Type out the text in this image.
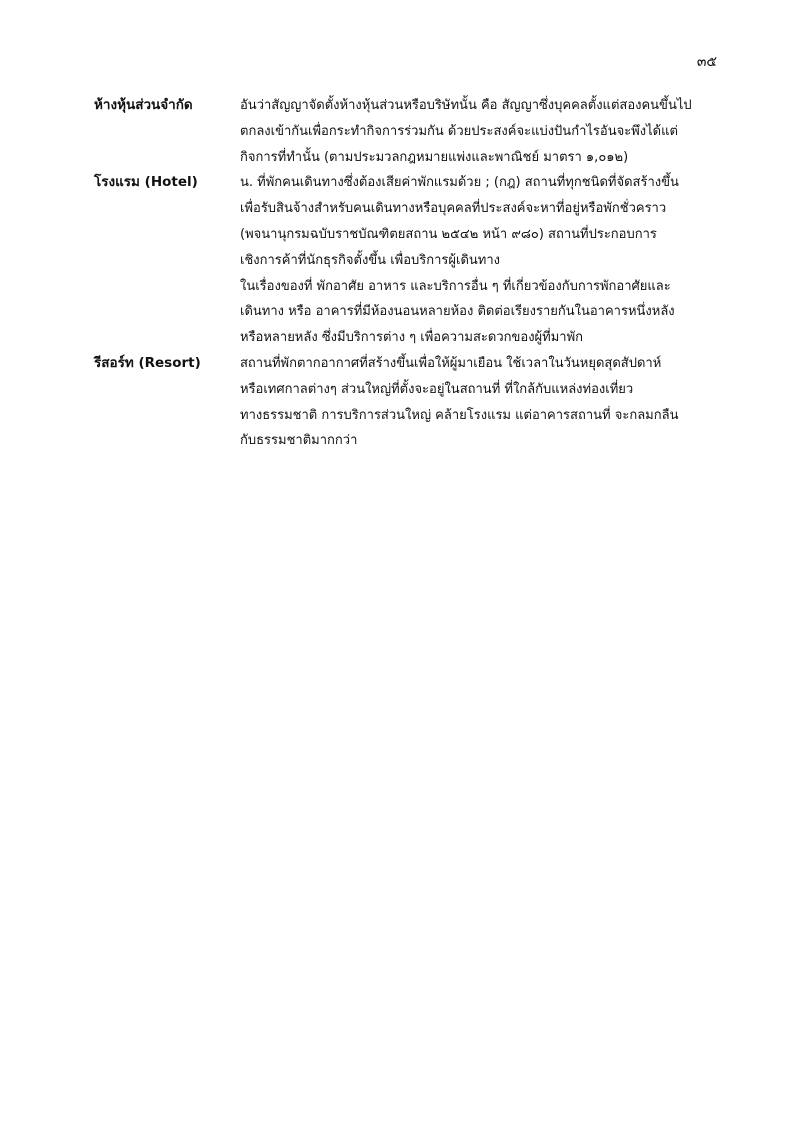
๓๕
ห้างหุ้นส่วนจำกัด	อันว่าสัญญาจัดตั้งห้างหุ้นส่วนหรือบริษัทนั้น คือ สัญญาซึ่งบุคคลตั้งแต่สองคนขึ้นไป
ตกลงเข้ากันเพื่อกระทำกิจการร่วมกัน ด้วยประสงค์จะแบ่งปันกำไรอันจะพึงได้แต่
กิจการที่ทำนั้น (ตามประมวลกฎหมายแพ่งและพาณิชย์ มาตรา ๑,๐๑๒)
โรงแรม (Hotel)	น. ที่พักคนเดินทางซึ่งต้องเสียค่าพักแรมด้วย ; (กฎ) สถานที่ทุกชนิดที่จัดสร้างขึ้น
เพื่อรับสินจ้างสำหรับคนเดินทางหรือบุคคลที่ประสงค์จะหาที่อยู่หรือพักชั่วคราว
(พจนานุกรมฉบับราชบัณฑิตยสถาน ๒๕๔๒ หน้า ๙๘๐) สถานที่ประกอบการ
เชิงการค้าที่นักธุรกิจตั้งขึ้น เพื่อบริการผู้เดินทาง
ในเรื่องของที่ พักอาศัย อาหาร และบริการอื่น ๆ ที่เกี่ยวข้องกับการพักอาศัยและ
เดินทาง หรือ อาคารที่มีห้องนอนหลายห้อง ติดต่อเรียงรายกันในอาคารหนึ่งหลัง
หรือหลายหลัง ซึ่งมีบริการต่าง ๆ เพื่อความสะดวกของผู้ที่มาพัก
รีสอร์ท (Resort)	สถานที่พักตากอากาศที่สร้างขึ้นเพื่อให้ผู้มาเยือน ใช้เวลาในวันหยุดสุดสัปดาห์
หรือเทศกาลต่างๆ ส่วนใหญ่ที่ตั้งจะอยู่ในสถานที่ ที่ใกล้กับแหล่งท่องเที่ยว
ทางธรรมชาติ การบริการส่วนใหญ่ คล้ายโรงแรม แต่อาคารสถานที่ จะกลมกลืน
กับธรรมชาติมากกว่า
